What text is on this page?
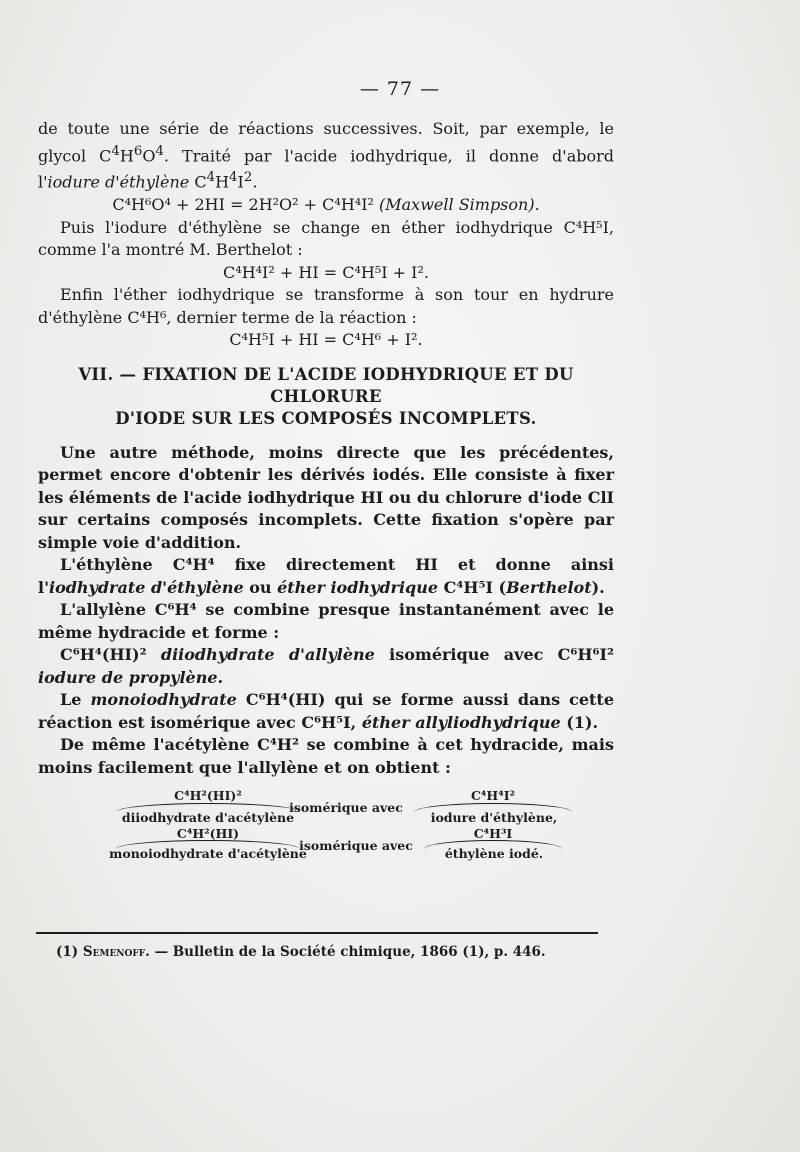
— 77 —

de toute une série de réactions successives. Soit, par exemple, le glycol $C^4H^6O^4$. Traité par l'acide iodhydrique, il donne d'abord l'iodure d'éthylène $C^4H^4I^2$.

C⁴H⁶O⁴ + 2HI = 2H²O² + C⁴H⁴I² (Maxwell Simpson).

Puis l'iodure d'éthylène se change en éther iodhydrique C⁴H⁵I, comme l'a montré M. Berthelot :

C⁴H⁴I² + HI = C⁴H⁵I + I².

Enfin l'éther iodhydrique se transforme à son tour en hydrure d'éthylène C⁴H⁶, dernier terme de la réaction :

C⁴H⁵I + HI = C⁴H⁶ + I².

VII. — FIXATION DE L'ACIDE IODHYDRIQUE ET DU CHLORURE
D'IODE SUR LES COMPOSÉS INCOMPLETS.

Une autre méthode, moins directe que les précédentes, permet encore d'obtenir les dérivés iodés. Elle consiste à fixer les éléments de l'acide iodhydrique HI ou du chlorure d'iode ClI sur certains composés incomplets. Cette fixation s'opère par simple voie d'addition.

L'éthylène C⁴H⁴ fixe directement HI et donne ainsi l'iodhydrate d'éthylène ou éther iodhydrique C⁴H⁵I (Berthelot).

L'allylène C⁶H⁴ se combine presque instantanément avec le même hydracide et forme :

C⁶H⁴(HI)² diiodhydrate d'allylène isomérique avec C⁶H⁶I² iodure de propylène.

Le monoiodhydrate C⁶H⁴(HI) qui se forme aussi dans cette réaction est isomérique avec C⁶H⁵I, éther allyliodhydrique (1).

De même l'acétylène C⁴H² se combine à cet hydracide, mais moins facilement que l'allylène et on obtient :

C⁴H²(HI)²
diiodhydrate d'acétylène
isomérique avec
C⁴H⁴I²
iodure d'éthylène,
C⁴H²(HI)
monoiodhydrate d'acétylène
isomérique avec
C⁴H³I
éthylène iodé.
(1) Semenoff. — Bulletin de la Société chimique, 1866 (1), p. 446.
